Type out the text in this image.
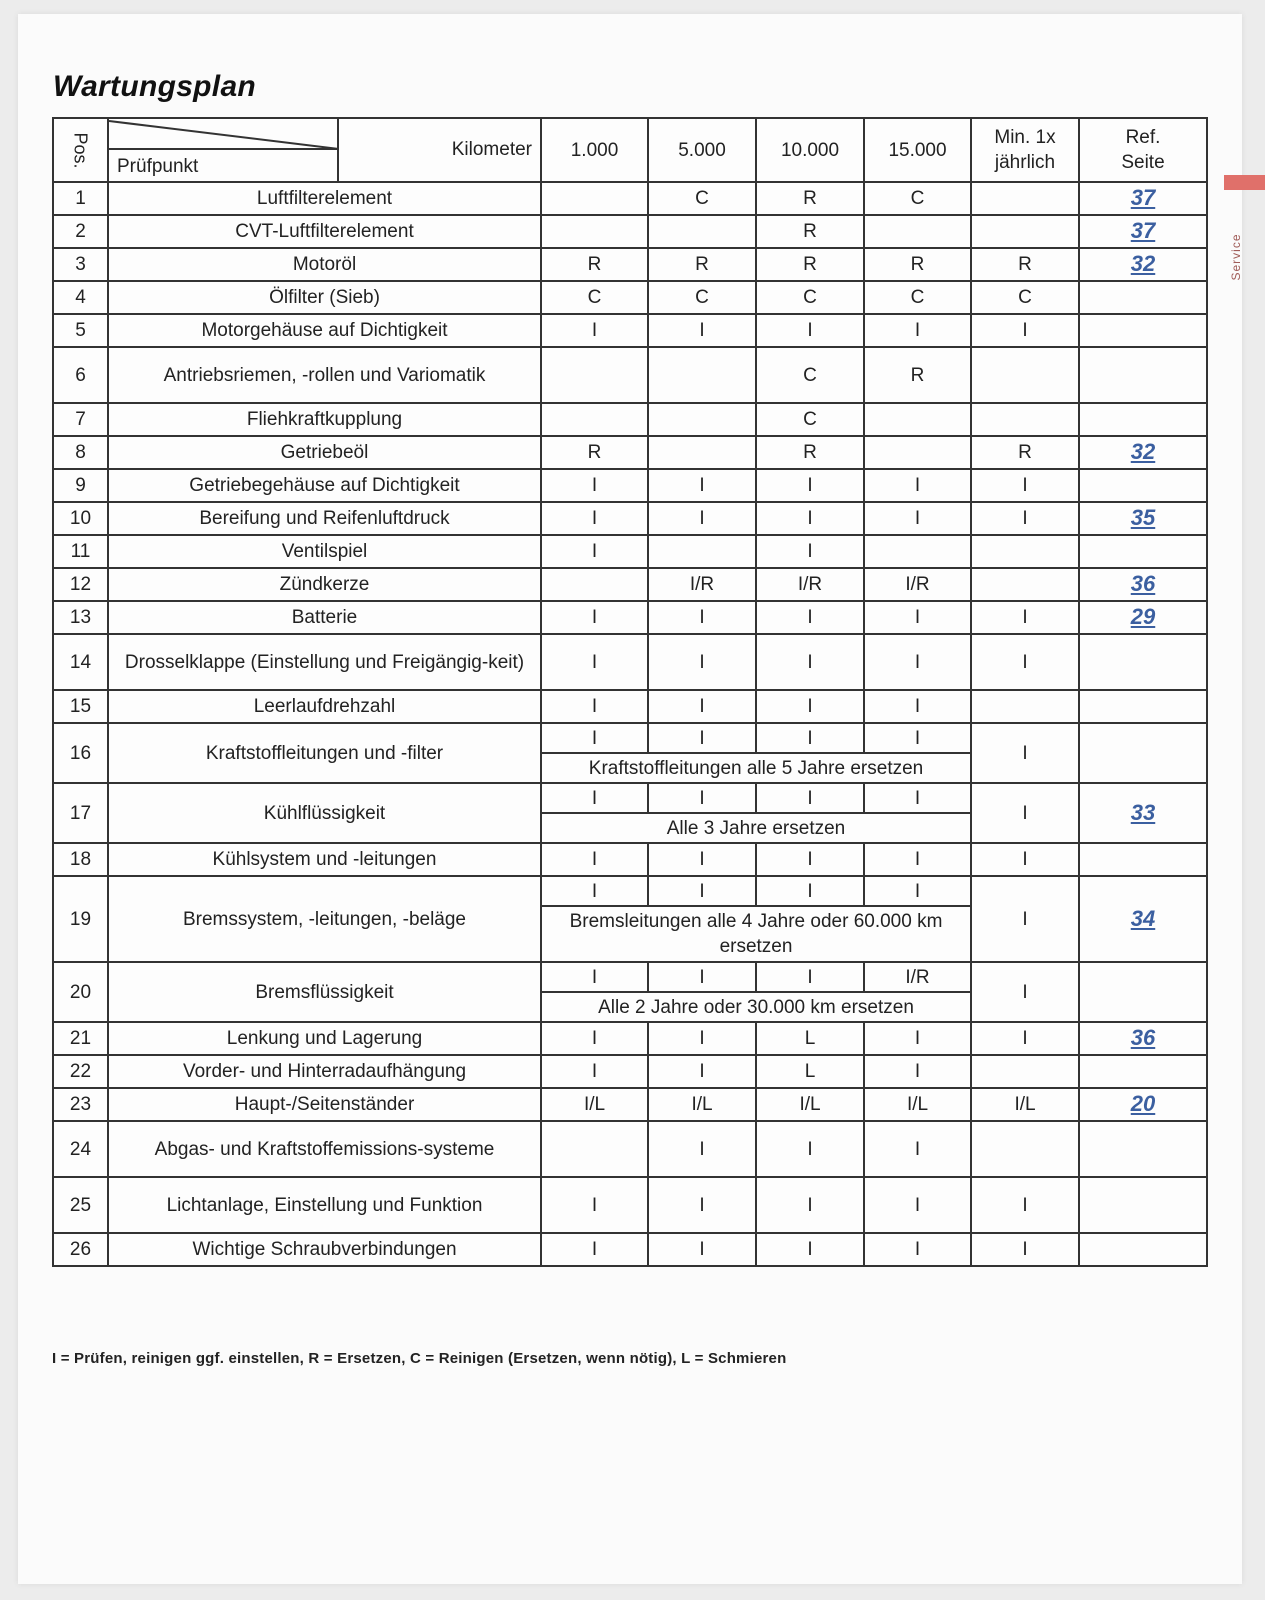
Wartungsplan
Service
Pos.	Prüfpunkt
Kilometer	1.000	5.000	10.000	15.000	Min. 1x jährlich	Ref. Seite
1	Luftfilterelement		C	R	C		37
2	CVT-Luftfilterelement			R			37
3	Motoröl	R	R	R	R	R	32
4	Ölfilter (Sieb)	C	C	C	C	C	
5	Motorgehäuse auf Dichtigkeit	I	I	I	I	I	
6	Antriebsriemen, -rollen und Variomatik			C	R		
7	Fliehkraftkupplung			C			
8	Getriebeöl	R		R		R	32
9	Getriebegehäuse auf Dichtigkeit	I	I	I	I	I	
10	Bereifung und Reifenluftdruck	I	I	I	I	I	35
11	Ventilspiel	I		I			
12	Zündkerze		I/R	I/R	I/R		36
13	Batterie	I	I	I	I	I	29
14	Drosselklappe (Einstellung und Freigängig-keit)	I	I	I	I	I	
15	Leerlaufdrehzahl	I	I	I	I		
16	Kraftstoffleitungen und -filter	I	I	I	I	I	
		Kraftstoffleitungen alle 5 Jahre ersetzen					
17	Kühlflüssigkeit	I	I	I	I	I	33
		Alle 3 Jahre ersetzen					
18	Kühlsystem und -leitungen	I	I	I	I	I	
19	Bremssystem, -leitungen, -beläge	I	I	I	I	I	34
		Bremsleitungen alle 4 Jahre oder 60.000 km ersetzen					
20	Bremsflüssigkeit	I	I	I	I/R	I	
		Alle 2 Jahre oder 30.000 km ersetzen					
21	Lenkung und Lagerung	I	I	L	I	I	36
22	Vorder- und Hinterradaufhängung	I	I	L	I		
23	Haupt-/Seitenständer	I/L	I/L	I/L	I/L	I/L	20
24	Abgas- und Kraftstoffemissions-systeme		I	I	I		
25	Lichtanlage, Einstellung und Funktion	I	I	I	I	I	
26	Wichtige Schraubverbindungen	I	I	I	I	I	
I = Prüfen, reinigen ggf. einstellen, R = Ersetzen, C = Reinigen (Ersetzen, wenn nötig), L = Schmieren
